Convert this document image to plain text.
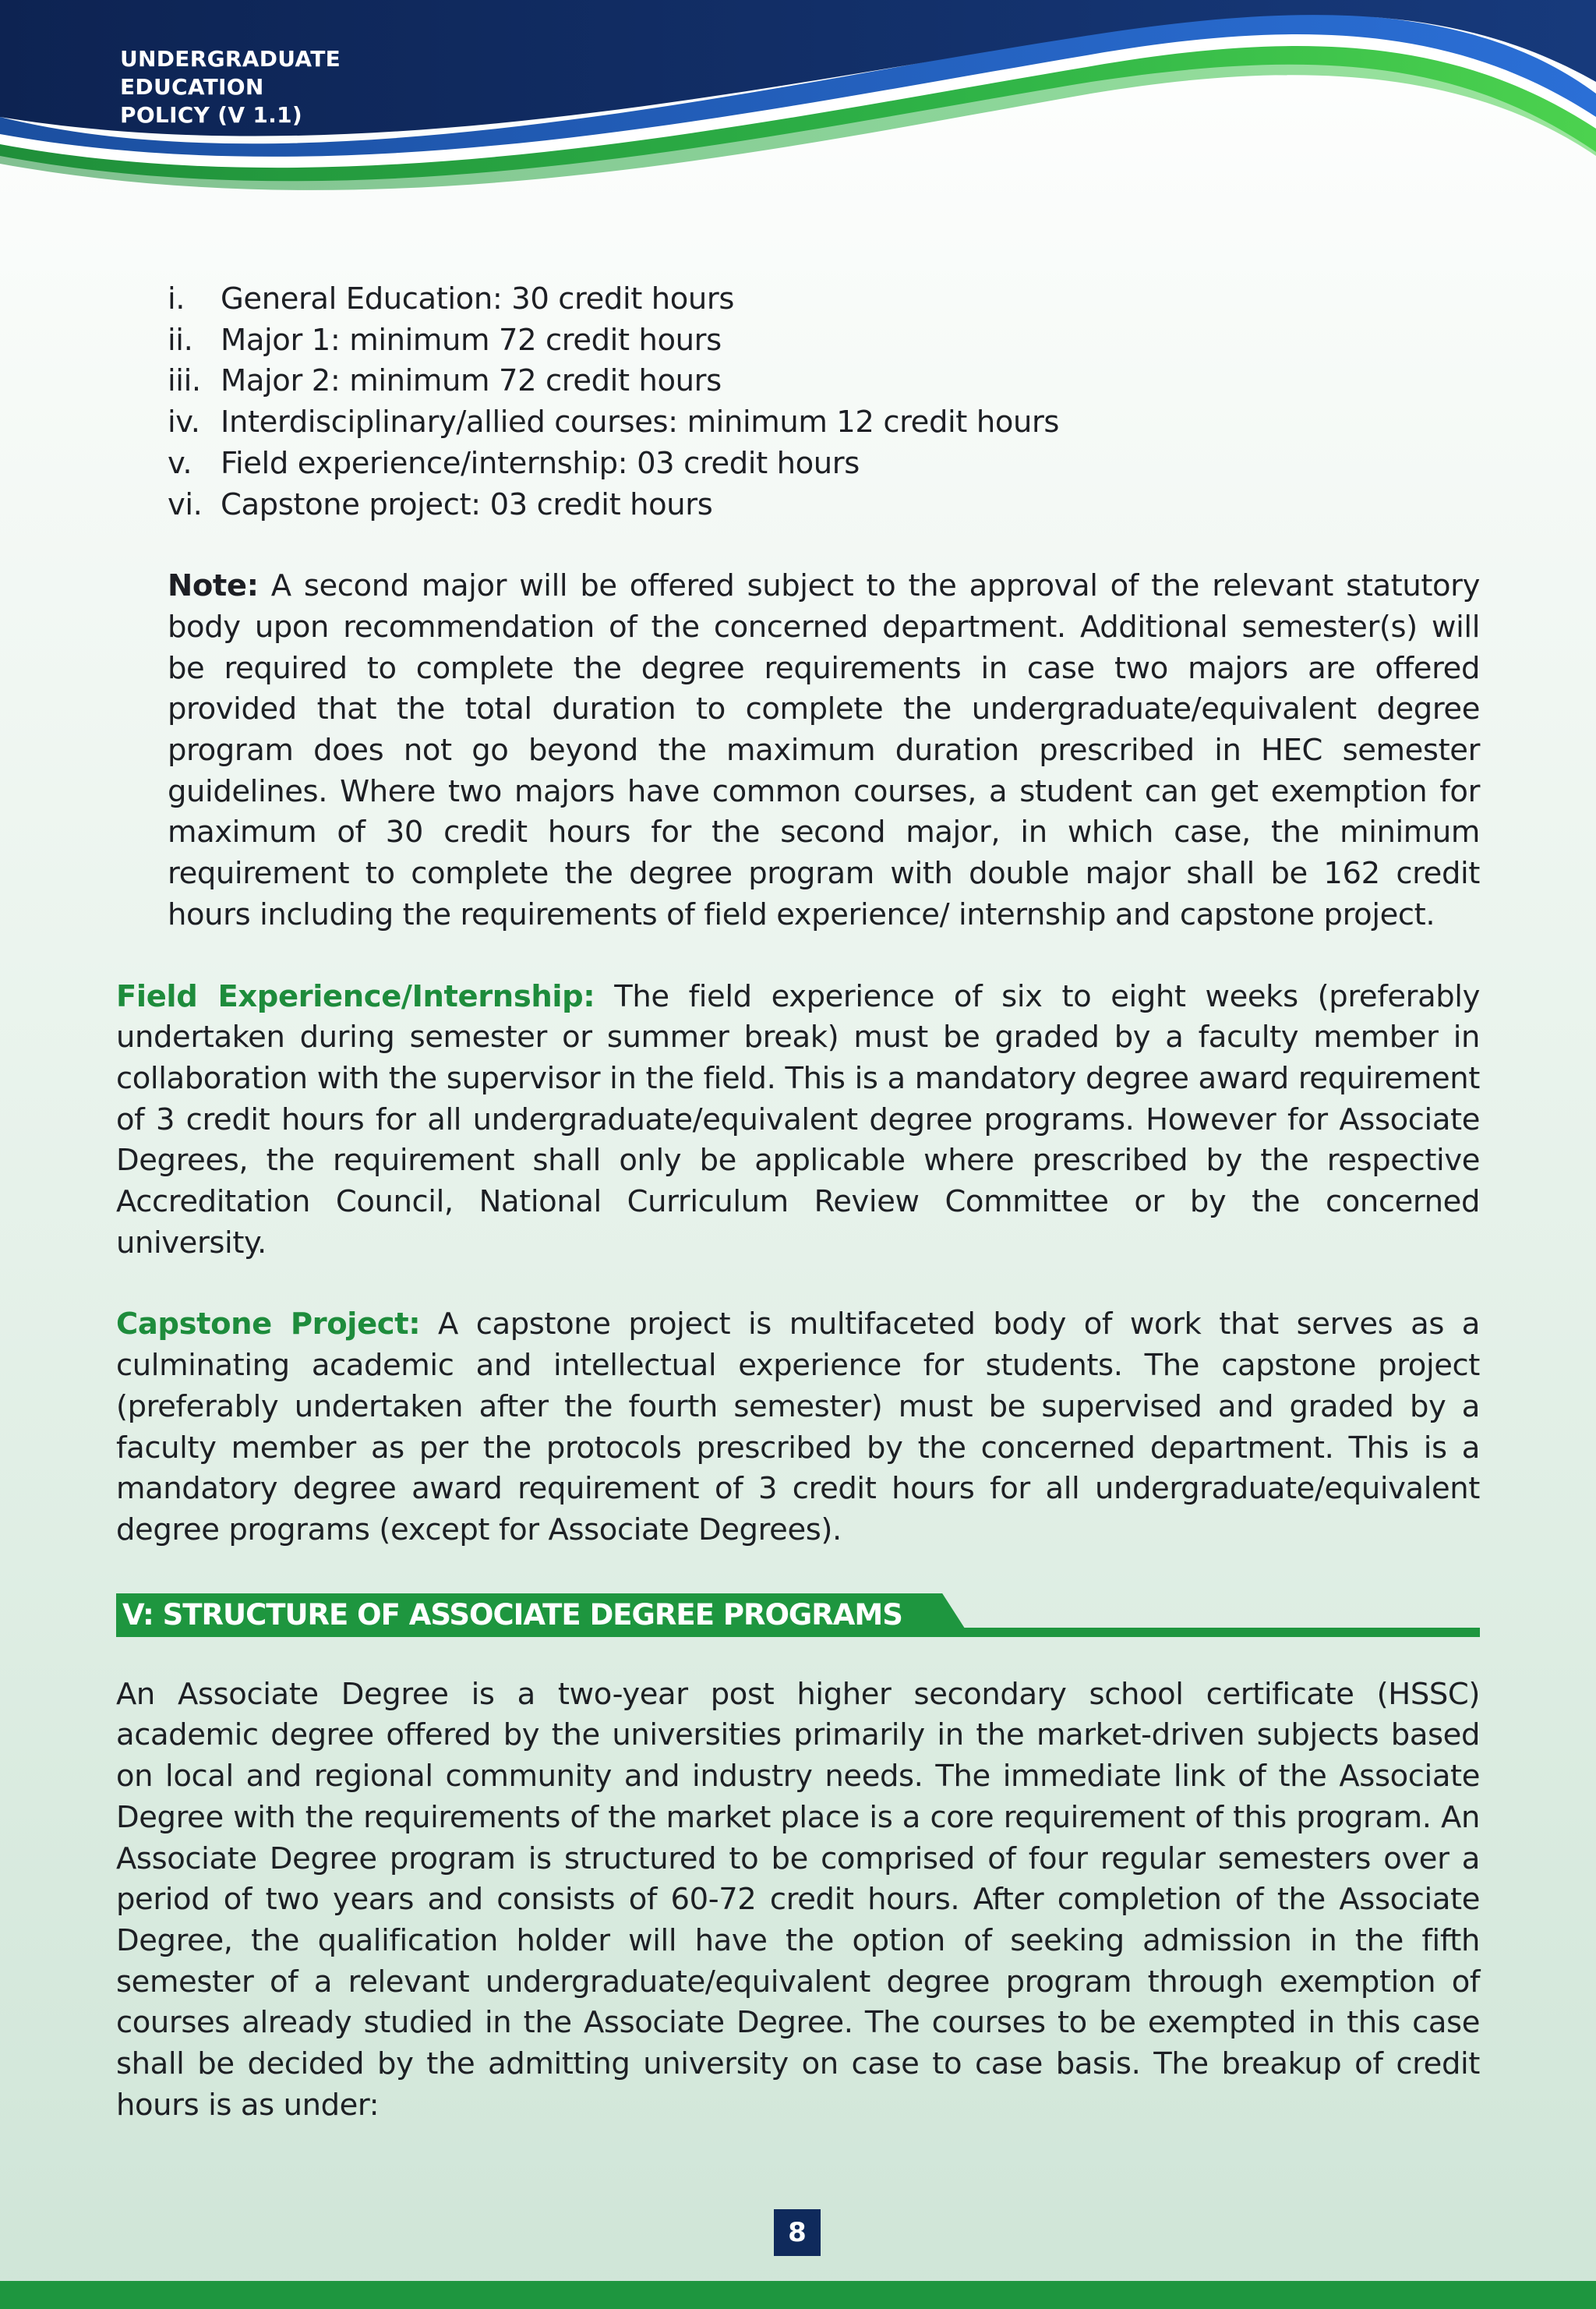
UNDERGRADUATE
EDUCATION
POLICY (V 1.1)
i.	General Education: 30 credit hours
ii. Major 1: minimum 72 credit hours
iii. Major 2: minimum 72 credit hours
iv. Interdisciplinary/allied courses: minimum 12 credit hours
v. Field experience/internship: 03 credit hours
vi. Capstone project: 03 credit hours

Note: A second major will be offered subject to the approval of the relevant statutory body upon recommendation of the concerned department. Additional semester(s) will be required to complete the degree requirements in case two majors are offered provided that the total duration to complete the undergraduate/equivalent degree program does not go beyond the maximum duration prescribed in HEC semester guidelines. Where two majors have common courses, a student can get exemption for maximum of 30 credit hours for the second major, in which case, the minimum requirement to complete the degree program with double major shall be 162 credit hours including the requirements of field experience/ internship and capstone project.

Field Experience/Internship: The field experience of six to eight weeks (preferably undertaken during semester or summer break) must be graded by a faculty member in collaboration with the supervisor in the field. This is a mandatory degree award requirement of 3 credit hours for all undergraduate/equivalent degree programs. However for Associate Degrees, the requirement shall only be applicable where prescribed by the respective Accreditation Council, National Curriculum Review Committee or by the concerned university.

Capstone Project: A capstone project is multifaceted body of work that serves as a culminating academic and intellectual experience for students. The capstone project (preferably undertaken after the fourth semester) must be supervised and graded by a faculty member as per the protocols prescribed by the concerned department. This is a mandatory degree award requirement of 3 credit hours for all undergraduate/equivalent degree programs (except for Associate Degrees).

V: STRUCTURE OF ASSOCIATE DEGREE PROGRAMS

An Associate Degree is a two-year post higher secondary school certificate (HSSC) academic degree offered by the universities primarily in the market-driven subjects based on local and regional community and industry needs. The immediate link of the Associate Degree with the requirements of the market place is a core requirement of this program. An Associate Degree program is structured to be comprised of four regular semesters over a period of two years and consists of 60-72 credit hours. After completion of the Associate Degree, the qualification holder will have the option of seeking admission in the fifth semester of a relevant undergraduate/equivalent degree program through exemption of courses already studied in the Associate Degree. The courses to be exempted in this case shall be decided by the admitting university on case to case basis. The breakup of credit hours is as under:

8
